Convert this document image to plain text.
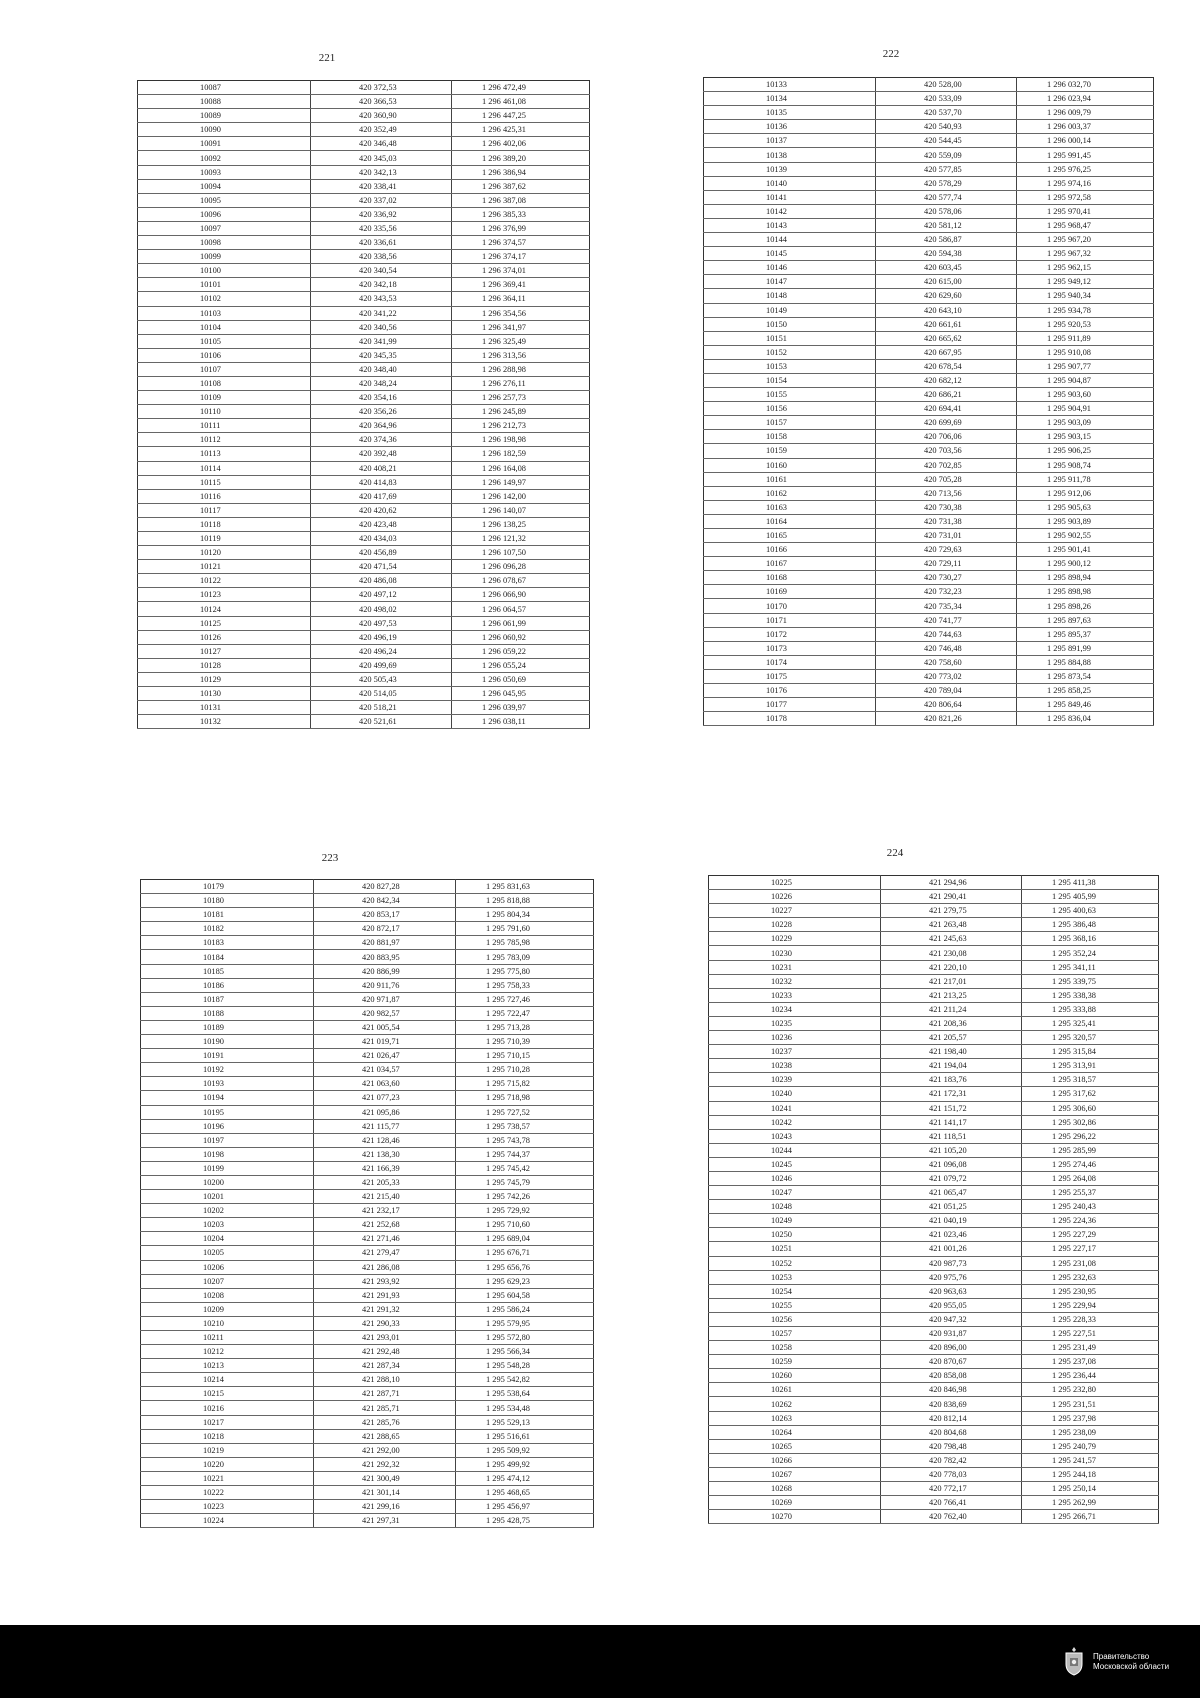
221	222
223	224
10087	420 372,53	1 296 472,49
10088	420 366,53	1 296 461,08
10089	420 360,90	1 296 447,25
10090	420 352,49	1 296 425,31
10091	420 346,48	1 296 402,06
10092	420 345,03	1 296 389,20
10093	420 342,13	1 296 386,94
10094	420 338,41	1 296 387,62
10095	420 337,02	1 296 387,08
10096	420 336,92	1 296 385,33
10097	420 335,56	1 296 376,99
10098	420 336,61	1 296 374,57
10099	420 338,56	1 296 374,17
10100	420 340,54	1 296 374,01
10101	420 342,18	1 296 369,41
10102	420 343,53	1 296 364,11
10103	420 341,22	1 296 354,56
10104	420 340,56	1 296 341,97
10105	420 341,99	1 296 325,49
10106	420 345,35	1 296 313,56
10107	420 348,40	1 296 288,98
10108	420 348,24	1 296 276,11
10109	420 354,16	1 296 257,73
10110	420 356,26	1 296 245,89
10111	420 364,96	1 296 212,73
10112	420 374,36	1 296 198,98
10113	420 392,48	1 296 182,59
10114	420 408,21	1 296 164,08
10115	420 414,83	1 296 149,97
10116	420 417,69	1 296 142,00
10117	420 420,62	1 296 140,07
10118	420 423,48	1 296 138,25
10119	420 434,03	1 296 121,32
10120	420 456,89	1 296 107,50
10121	420 471,54	1 296 096,28
10122	420 486,08	1 296 078,67
10123	420 497,12	1 296 066,90
10124	420 498,02	1 296 064,57
10125	420 497,53	1 296 061,99
10126	420 496,19	1 296 060,92
10127	420 496,24	1 296 059,22
10128	420 499,69	1 296 055,24
10129	420 505,43	1 296 050,69
10130	420 514,05	1 296 045,95
10131	420 518,21	1 296 039,97
10132	420 521,61	1 296 038,11
10133	420 528,00	1 296 032,70
10134	420 533,09	1 296 023,94
10135	420 537,70	1 296 009,79
10136	420 540,93	1 296 003,37
10137	420 544,45	1 296 000,14
10138	420 559,09	1 295 991,45
10139	420 577,85	1 295 976,25
10140	420 578,29	1 295 974,16
10141	420 577,74	1 295 972,58
10142	420 578,06	1 295 970,41
10143	420 581,12	1 295 968,47
10144	420 586,87	1 295 967,20
10145	420 594,38	1 295 967,32
10146	420 603,45	1 295 962,15
10147	420 615,00	1 295 949,12
10148	420 629,60	1 295 940,34
10149	420 643,10	1 295 934,78
10150	420 661,61	1 295 920,53
10151	420 665,62	1 295 911,89
10152	420 667,95	1 295 910,08
10153	420 678,54	1 295 907,77
10154	420 682,12	1 295 904,87
10155	420 686,21	1 295 903,60
10156	420 694,41	1 295 904,91
10157	420 699,69	1 295 903,09
10158	420 706,06	1 295 903,15
10159	420 703,56	1 295 906,25
10160	420 702,85	1 295 908,74
10161	420 705,28	1 295 911,78
10162	420 713,56	1 295 912,06
10163	420 730,38	1 295 905,63
10164	420 731,38	1 295 903,89
10165	420 731,01	1 295 902,55
10166	420 729,63	1 295 901,41
10167	420 729,11	1 295 900,12
10168	420 730,27	1 295 898,94
10169	420 732,23	1 295 898,98
10170	420 735,34	1 295 898,26
10171	420 741,77	1 295 897,63
10172	420 744,63	1 295 895,37
10173	420 746,48	1 295 891,99
10174	420 758,60	1 295 884,88
10175	420 773,02	1 295 873,54
10176	420 789,04	1 295 858,25
10177	420 806,64	1 295 849,46
10178	420 821,26	1 295 836,04
10179	420 827,28	1 295 831,63
10180	420 842,34	1 295 818,88
10181	420 853,17	1 295 804,34
10182	420 872,17	1 295 791,60
10183	420 881,97	1 295 785,98
10184	420 883,95	1 295 783,09
10185	420 886,99	1 295 775,80
10186	420 911,76	1 295 758,33
10187	420 971,87	1 295 727,46
10188	420 982,57	1 295 722,47
10189	421 005,54	1 295 713,28
10190	421 019,71	1 295 710,39
10191	421 026,47	1 295 710,15
10192	421 034,57	1 295 710,28
10193	421 063,60	1 295 715,82
10194	421 077,23	1 295 718,98
10195	421 095,86	1 295 727,52
10196	421 115,77	1 295 738,57
10197	421 128,46	1 295 743,78
10198	421 138,30	1 295 744,37
10199	421 166,39	1 295 745,42
10200	421 205,33	1 295 745,79
10201	421 215,40	1 295 742,26
10202	421 232,17	1 295 729,92
10203	421 252,68	1 295 710,60
10204	421 271,46	1 295 689,04
10205	421 279,47	1 295 676,71
10206	421 286,08	1 295 656,76
10207	421 293,92	1 295 629,23
10208	421 291,93	1 295 604,58
10209	421 291,32	1 295 586,24
10210	421 290,33	1 295 579,95
10211	421 293,01	1 295 572,80
10212	421 292,48	1 295 566,34
10213	421 287,34	1 295 548,28
10214	421 288,10	1 295 542,82
10215	421 287,71	1 295 538,64
10216	421 285,71	1 295 534,48
10217	421 285,76	1 295 529,13
10218	421 288,65	1 295 516,61
10219	421 292,00	1 295 509,92
10220	421 292,32	1 295 499,92
10221	421 300,49	1 295 474,12
10222	421 301,14	1 295 468,65
10223	421 299,16	1 295 456,97
10224	421 297,31	1 295 428,75
10225	421 294,96	1 295 411,38
10226	421 290,41	1 295 405,99
10227	421 279,75	1 295 400,63
10228	421 263,48	1 295 386,48
10229	421 245,63	1 295 368,16
10230	421 230,08	1 295 352,24
10231	421 220,10	1 295 341,11
10232	421 217,01	1 295 339,75
10233	421 213,25	1 295 338,38
10234	421 211,24	1 295 333,88
10235	421 208,36	1 295 325,41
10236	421 205,57	1 295 320,57
10237	421 198,40	1 295 315,84
10238	421 194,04	1 295 313,91
10239	421 183,76	1 295 318,57
10240	421 172,31	1 295 317,62
10241	421 151,72	1 295 306,60
10242	421 141,17	1 295 302,86
10243	421 118,51	1 295 296,22
10244	421 105,20	1 295 285,99
10245	421 096,08	1 295 274,46
10246	421 079,72	1 295 264,08
10247	421 065,47	1 295 255,37
10248	421 051,25	1 295 240,43
10249	421 040,19	1 295 224,36
10250	421 023,46	1 295 227,29
10251	421 001,26	1 295 227,17
10252	420 987,73	1 295 231,08
10253	420 975,76	1 295 232,63
10254	420 963,63	1 295 230,95
10255	420 955,05	1 295 229,94
10256	420 947,32	1 295 228,33
10257	420 931,87	1 295 227,51
10258	420 896,00	1 295 231,49
10259	420 870,67	1 295 237,08
10260	420 858,08	1 295 236,44
10261	420 846,98	1 295 232,80
10262	420 838,69	1 295 231,51
10263	420 812,14	1 295 237,98
10264	420 804,68	1 295 238,09
10265	420 798,48	1 295 240,79
10266	420 782,42	1 295 241,57
10267	420 778,03	1 295 244,18
10268	420 772,17	1 295 250,14
10269	420 766,41	1 295 262,99
10270	420 762,40	1 295 266,71
Правительство
Московской области
